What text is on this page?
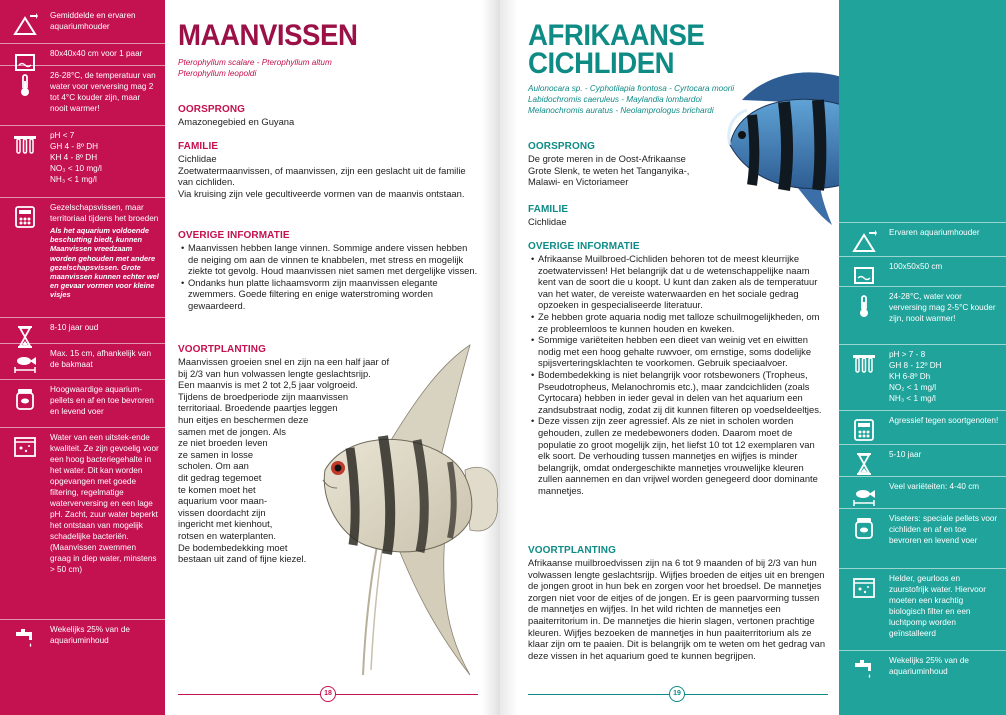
Gemiddelde en ervaren aquariumhouder
80x40x40 cm voor 1 paar
26-28°C, de temperatuur van water voor verversing mag 2 tot 4°C kouder zijn, maar nooit warmer!
pH < 7
GH 4 - 8º DH
KH 4 - 8º DH
NO₃ < 10 mg/l
NH₃ < 1 mg/l
Gezelschapsvissen, maar territoriaal tijdens het broeden
Als het aquarium voldoende beschutting biedt, kunnen Maanvissen vreedzaam worden gehouden met andere gezelschapsvissen. Grote maanvissen kunnen echter wel en gevaar vormen voor kleine visjes
8-10 jaar oud
Max. 15 cm, afhankelijk van de bakmaat
Hoogwaardige aquarium-pellets en af en toe bevroren en levend voer
Water van een uitstek-ende kwaliteit. Ze zijn gevoelig voor een hoog bacteriegehalte in het water. Dit kan worden opgevangen met goede filtering, regelmatige waterverversing en een lage pH. Zacht, zuur water beperkt het ontstaan van mogelijk schadelijke bacteriën. (Maanvissen zwemmen graag in diep water, minstens > 50 cm)
Wekelijks 25% van de aquariuminhoud
MAANVISSEN
Pterophyllum scalare - Pterophyllum altum
Pterophyllum leopoldi
OORSPRONG
Amazonegebied en Guyana
FAMILIE
Cichlidae
Zoetwatermaanvissen, of maanvissen, zijn een geslacht uit de familie van cichliden.
Via kruising zijn vele gecultiveerde vormen van de maanvis ontstaan.
OVERIGE INFORMATIE
• Maanvissen hebben lange vinnen. Sommige andere vissen hebben de neiging om aan de vinnen te knabbelen, met stress en mogelijk ziekte tot gevolg. Houd maanvissen niet samen met dergelijke vissen.
• Ondanks hun platte lichaamsvorm zijn maanvissen elegante zwemmers. Goede filtering en enige waterstroming worden gewaardeerd.
VOORTPLANTING
Maanvissen groeien snel en zijn na een half jaar of
bij 2/3 van hun volwassen lengte geslachtsrijp.
Een maanvis is met 2 tot 2,5 jaar volgroeid.
Tijdens de broedperiode zijn maanvissen
territoriaal. Broedende paartjes leggen
hun eitjes en beschermen deze
samen met de jongen. Als
ze niet broeden leven
ze samen in losse
scholen. Om aan
dit gedrag tegemoet
te komen moet het
aquarium voor maan-
vissen doordacht zijn
ingericht met kienhout,
rotsen en waterplanten.
De bodembedekking moet
bestaan uit zand of fijne kiezel.
18
AFRIKAANSE
CICHLIDEN
Aulonocara sp. - Cyphotilapia frontosa - Cyrtocara moorii
Labidochromis caeruleus - Maylandia lombardoi
Melanochromis auratus - Neolamprologus brichardi
OORSPRONG
De grote meren in de Oost-Afrikaanse
Grote Slenk, te weten het Tanganyika-,
Malawi- en Victoriameer
FAMILIE
Cichlidae
OVERIGE INFORMATIE
• Afrikaanse Muilbroed-Cichliden behoren tot de meest kleurrijke zoetwatervissen! Het belangrijk dat u de wetenschappelijke naam kent van de soort die u koopt. U kunt dan zaken als de temperatuur van het water, de vereiste waterwaarden en het sociale gedrag opzoeken in gespecialiseerde literatuur.
• Ze hebben grote aquaria nodig met talloze schuilmogelijkheden, om ze probleemloos te kunnen houden en kweken.
• Sommige variëteiten hebben een dieet van weinig vet en eiwitten nodig met een hoog gehalte ruwvoer, om ernstige, soms dodelijke spijsverteringsklachten te voorkomen. Gebruik speciaalvoer.
• Bodembedekking is niet belangrijk voor rotsbewoners (Tropheus, Pseudotropheus, Melanochromis etc.), maar zandcichliden (zoals Cyrtocara) hebben in ieder geval in delen van het aquarium een zandsubstraat nodig, zodat zij dit kunnen filteren op voedseldeeltjes.
• Deze vissen zijn zeer agressief. Als ze niet in scholen worden gehouden, zullen ze medebewoners doden. Daarom moet de populatie zo groot mogelijk zijn, het liefst 10 tot 12 exemplaren van elk soort. De verhouding tussen mannetjes en wijfjes is minder belangrijk, omdat ondergeschikte mannetjes vrouwelijke kleuren zullen aannemen en dan vrijwel worden genegeerd door dominante mannetjes.
VOORTPLANTING
Afrikaanse muilbroedvissen zijn na 6 tot 9 maanden of bij 2/3 van hun volwassen lengte geslachtsrijp. Wijfjes broeden de eitjes uit en brengen de jongen groot in hun bek en zorgen voor het broedsel. De mannetjes zorgen niet voor de eitjes of de jongen. Er is geen paarvorming tussen de mannetjes en wijfjes. In het wild richten de mannetjes een paaiterritorium in. De mannetjes die hierin slagen, vertonen prachtige kleuren. Wijfjes bezoeken de mannetjes in hun paaiterritorium als ze klaar zijn om te paaien. Dit is belangrijk om te weten om het gedrag van deze vissen in het aquarium goed te kunnen begrijpen.
19
Ervaren aquariumhouder
100x50x50 cm
24-28°C, water voor verversing mag 2-5°C kouder zijn, nooit warmer!
pH > 7 - 8
GH 8 - 12º DH
KH 6-8º Dh
NO₂ < 1 mg/l
NH₃ < 1 mg/l
Agressief tegen soortgenoten!
5-10 jaar
Veel variëteiten: 4-40 cm
Viseters: speciale pellets voor cichliden en af en toe bevroren en levend voer
Helder, geurloos en zuurstofrijk water. Hiervoor moeten een krachtig biologisch filter en een luchtpomp worden geïnstalleerd
Wekelijks 25% van de aquariuminhoud
